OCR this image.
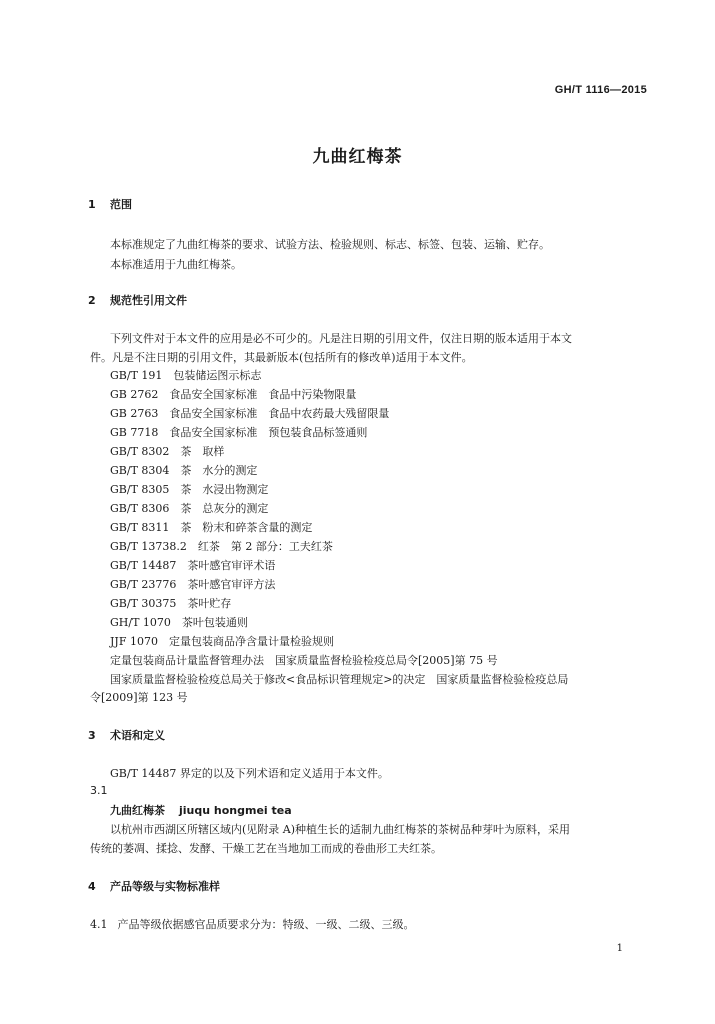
GH/T 1116—2015
九曲红梅茶
1 范围
本标准规定了九曲红梅茶的要求、试验方法、检验规则、标志、标签、包装、运输、贮存。
本标准适用于九曲红梅茶。
2 规范性引用文件
下列文件对于本文件的应用是必不可少的。凡是注日期的引用文件，仅注日期的版本适用于本文
件。凡是不注日期的引用文件，其最新版本(包括所有的修改单)适用于本文件。
GB/T 191　包装储运图示标志
GB 2762　食品安全国家标准　食品中污染物限量
GB 2763　食品安全国家标准　食品中农药最大残留限量
GB 7718　食品安全国家标准　预包装食品标签通则
GB/T 8302　茶　取样
GB/T 8304　茶　水分的测定
GB/T 8305　茶　水浸出物测定
GB/T 8306　茶　总灰分的测定
GB/T 8311　茶　粉末和碎茶含量的测定
GB/T 13738.2　红茶　第 2 部分：工夫红茶
GB/T 14487　茶叶感官审评术语
GB/T 23776　茶叶感官审评方法
GB/T 30375　茶叶贮存
GH/T 1070　茶叶包装通则
JJF 1070　定量包装商品净含量计量检验规则
定量包装商品计量监督管理办法　国家质量监督检验检疫总局令[2005]第 75 号
国家质量监督检验检疫总局关于修改<食品标识管理规定>的决定　国家质量监督检验检疫总局
令[2009]第 123 号
3 术语和定义
GB/T 14487 界定的以及下列术语和定义适用于本文件。
3.1
九曲红梅茶 jiuqu hongmei tea
以杭州市西湖区所辖区域内(见附录 A)种植生长的适制九曲红梅茶的茶树品种芽叶为原料，采用
传统的萎凋、揉捻、发酵、干燥工艺在当地加工而成的卷曲形工夫红茶。
4 产品等级与实物标准样
4.1 产品等级依据感官品质要求分为：特级、一级、二级、三级。
1
